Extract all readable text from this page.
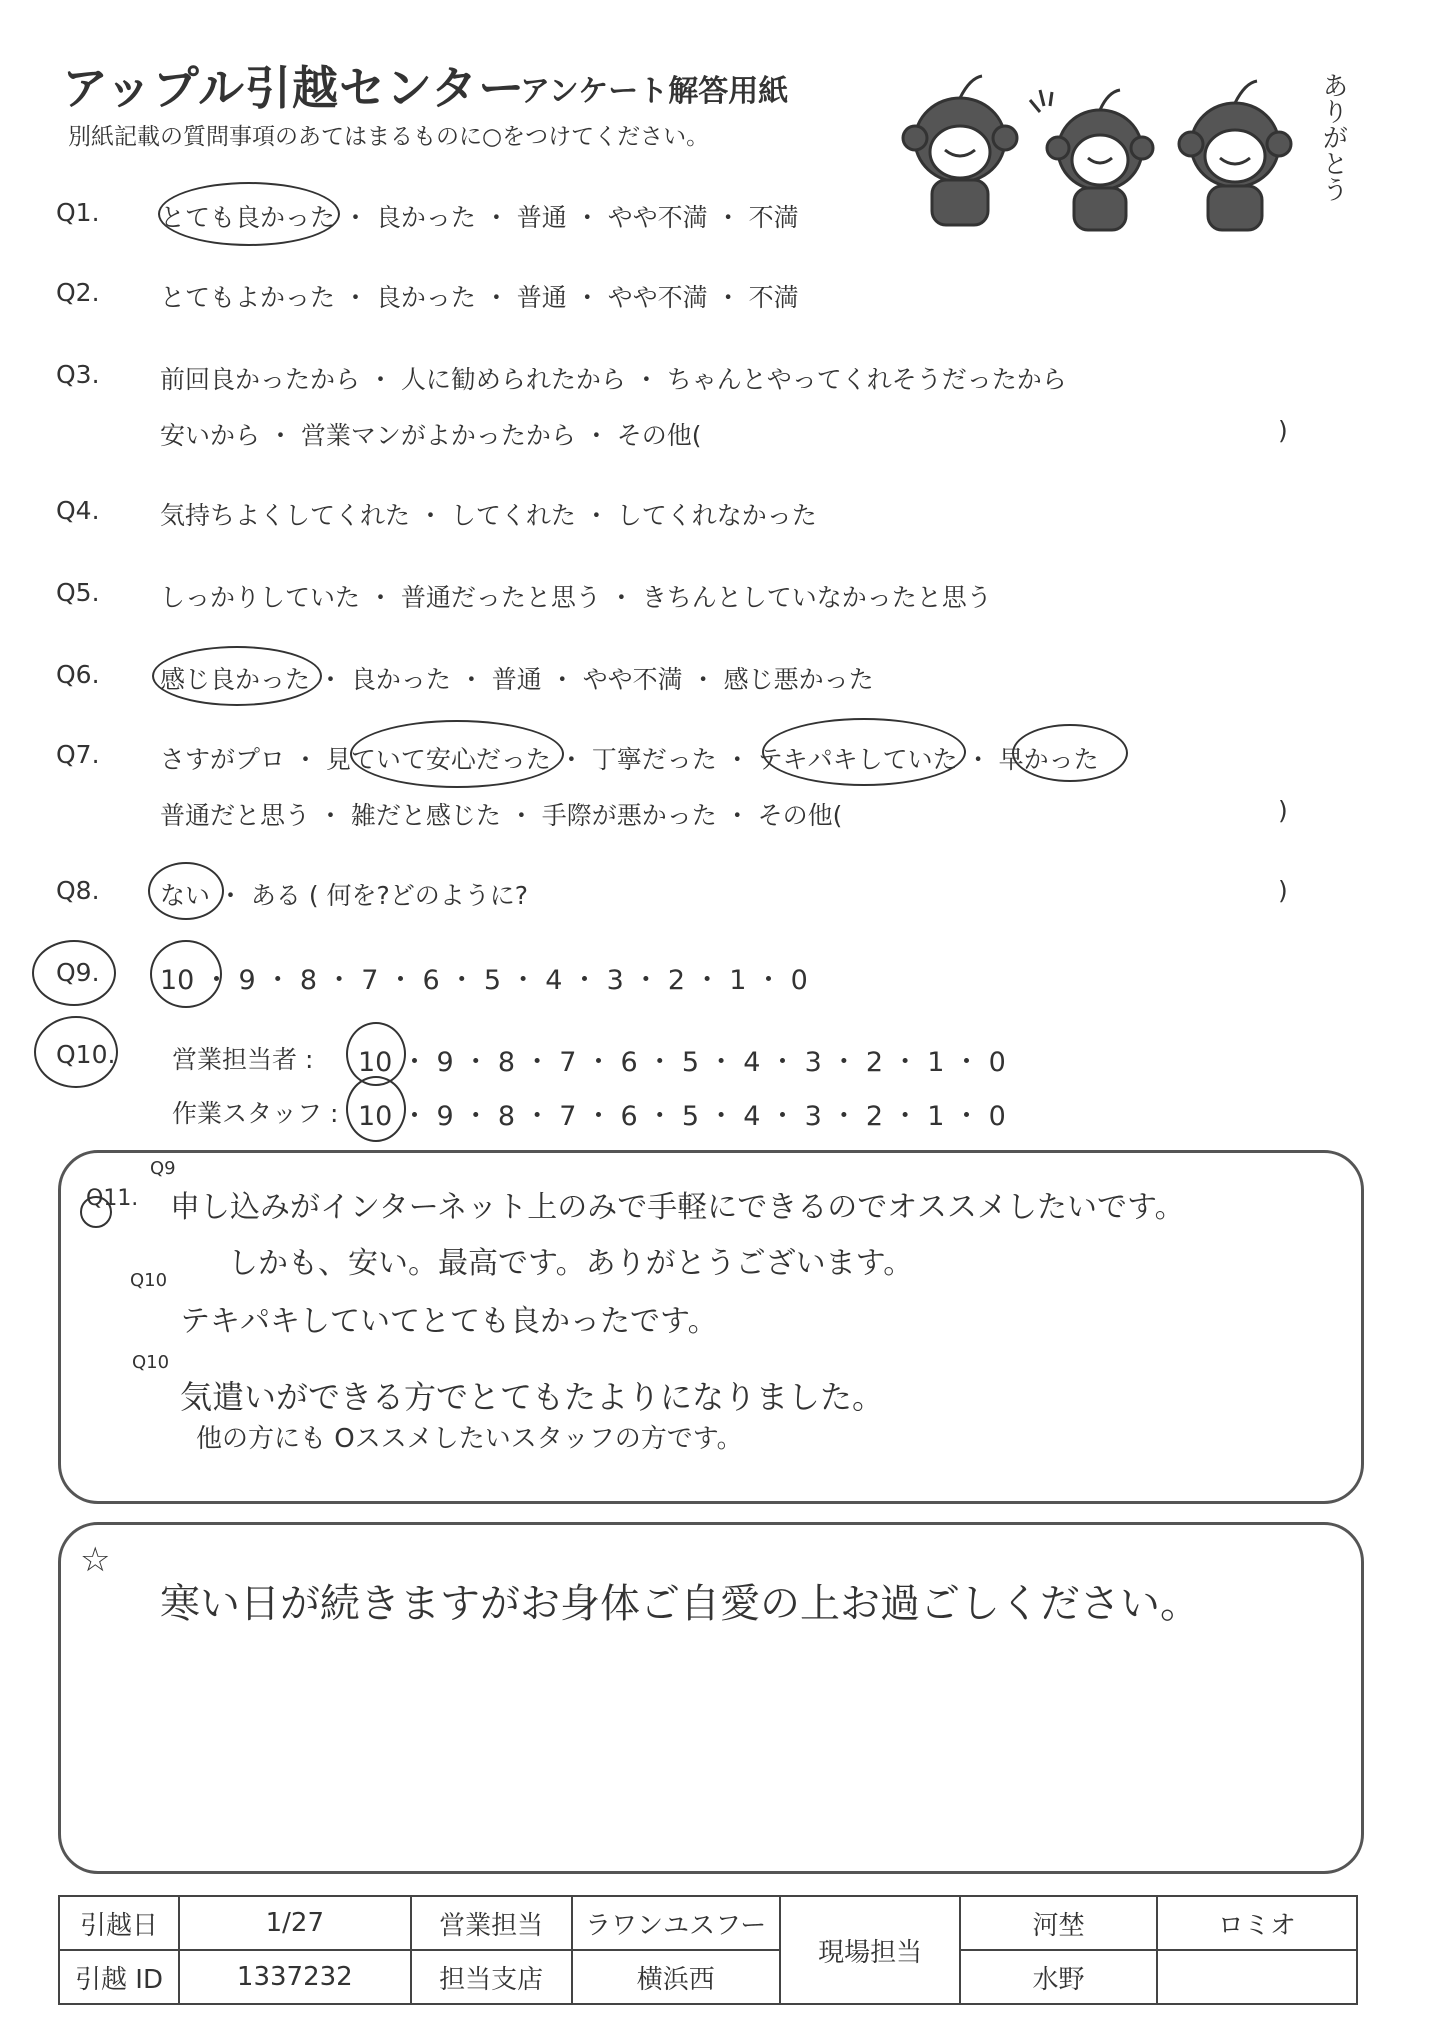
アップル引越センター
アンケート解答用紙
別紙記載の質問事項のあてはまるものに○をつけてください。	ありがとう
Q1. とても良かった ・ 良かった ・ 普通 ・ やや不満 ・ 不満
Q2. とてもよかった ・ 良かった ・ 普通 ・ やや不満 ・ 不満
Q3. 前回良かったから ・ 人に勧められたから ・ ちゃんとやってくれそうだったから
安いから ・ 営業マンがよかったから ・ その他(	)
Q4. 気持ちよくしてくれた ・ してくれた ・ してくれなかった
Q5. しっかりしていた ・ 普通だったと思う ・ きちんとしていなかったと思う
Q6. 感じ良かった ・ 良かった ・ 普通 ・ やや不満 ・ 感じ悪かった
Q7. さすがプロ ・ 見ていて安心だった ・ 丁寧だった ・ テキパキしていた ・ 早かった
普通だと思う ・ 雑だと感じた ・ 手際が悪かった ・ その他(	)
Q8. ない ・ ある ( 何を?どのように?	)
Q9. 10 ・ 9 ・ 8 ・ 7 ・ 6 ・ 5 ・ 4 ・ 3 ・ 2 ・ 1 ・ 0
Q10. 営業担当者 : 10 ・ 9 ・ 8 ・ 7 ・ 6 ・ 5 ・ 4 ・ 3 ・ 2 ・ 1 ・ 0
作業スタッフ : 10 ・ 9 ・ 8 ・ 7 ・ 6 ・ 5 ・ 4 ・ 3 ・ 2 ・ 1 ・ 0
Q11.
Q9
申し込みがインターネット上のみで手軽にできるのでオススメしたいです。
しかも、安い。最高です。ありがとうございます。
Q10
テキパキしていてとても良かったです。
Q10
気遣いができる方でとてもたよりになりました。
他の方にも Oススメしたいスタッフの方です。
☆
寒い日が続きますがお身体ご自愛の上お過ごしください。
引越日	1/27	営業担当	ラワンユスフー	現場担当	河埜	ロミオ
引越 ID	1337232	担当支店	横浜西		水野	
